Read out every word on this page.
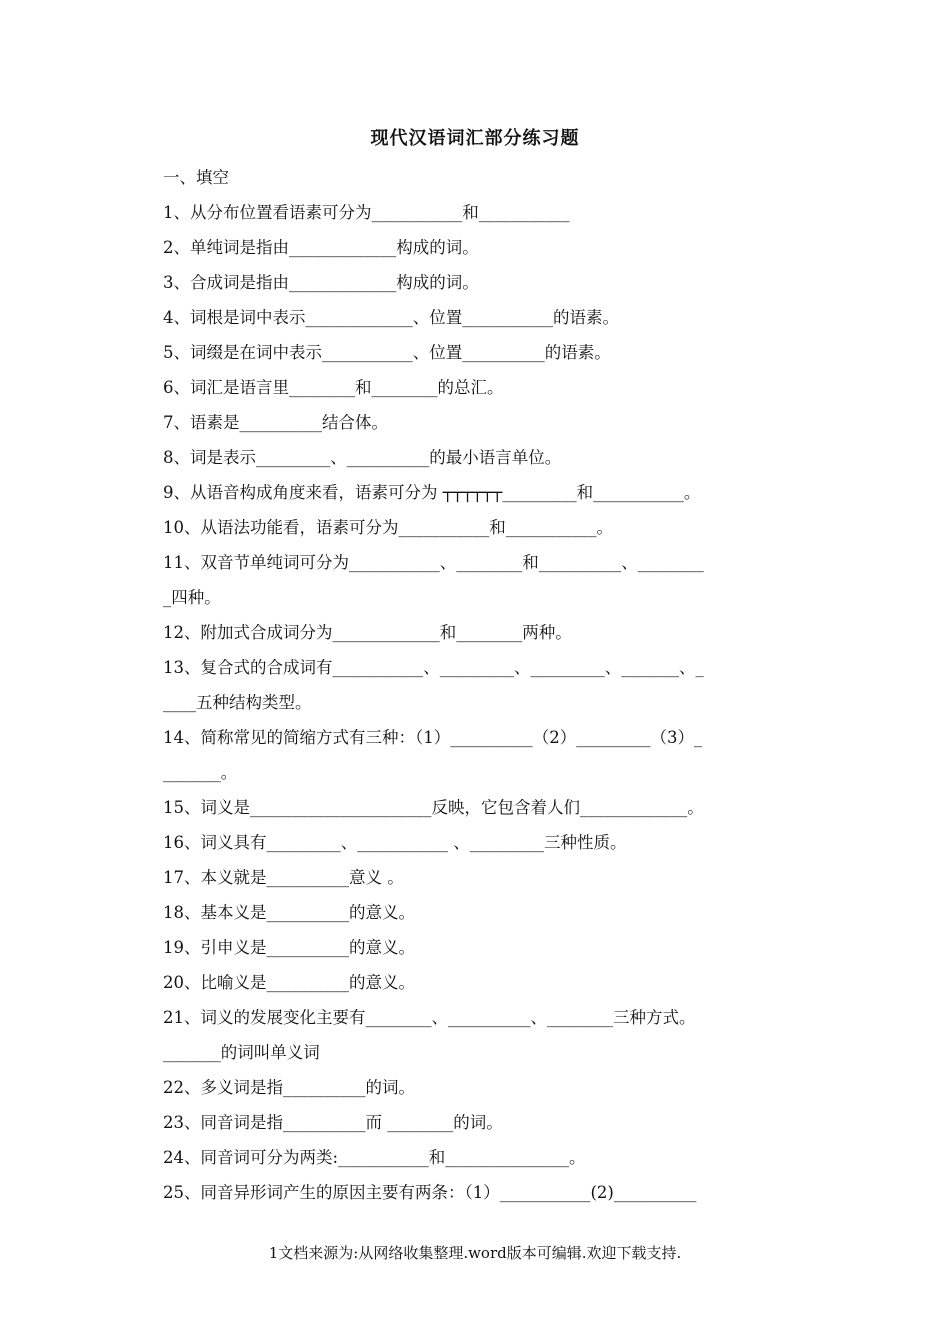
现代汉语词汇部分练习题
一、填空
1、从分布位置看语素可分为___________和___________
2、单纯词是指由_____________构成的词。
3、合成词是指由_____________构成的词。
4、词根是词中表示_____________、位置___________的语素。
5、词缀是在词中表示___________、位置__________的语素。
6、词汇是语言里________和________的总汇。
7、语素是__________结合体。
8、词是表示_________、__________的最小语言单位。
9、从语音构成角度来看，语素可分为 ┬┬┬┬┬┬_________和___________。
10、从语法功能看，语素可分为___________和___________。
11、双音节单纯词可分为___________、________和__________、________
_四种。
12、附加式合成词分为_____________和________两种。
13、复合式的合成词有___________、_________、_________、_______、_
____五种结构类型。
14、简称常见的简缩方式有三种：（1）__________（2）_________（3）_
_______。
15、词义是______________________反映，它包含着人们_____________。
16、词义具有_________、___________ 、_________三种性质。
17、本义就是__________意义 。
18、基本义是__________的意义。
19、引申义是__________的意义。
20、比喻义是__________的意义。
21、词义的发展变化主要有________、__________、________三种方式。
_______的词叫单义词
22、多义词是指__________的词。
23、同音词是指__________而 ________的词。
24、同音词可分为两类:___________和_______________。
25、同音异形词产生的原因主要有两条：（1）___________(2)__________
1文档来源为:从网络收集整理.word版本可编辑.欢迎下载支持.
